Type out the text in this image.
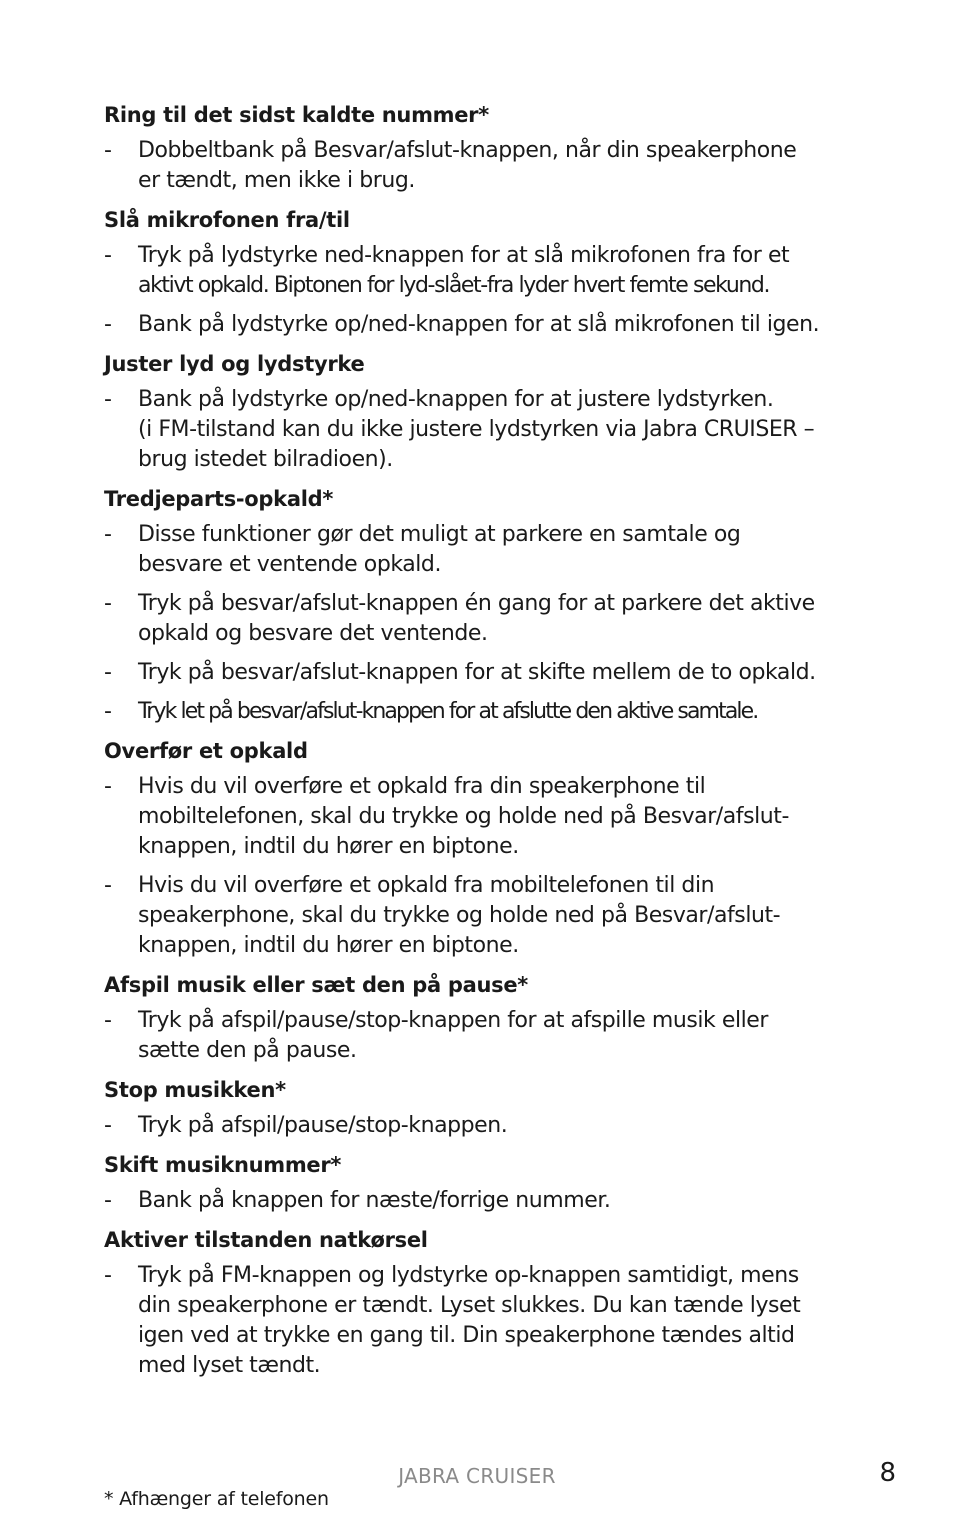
Ring til det sidst kaldte nummer*
- Dobbeltbank på Besvar/afslut-knappen, når din speakerphone
er tændt, men ikke i brug.
Slå mikrofonen fra/til
- Tryk på lydstyrke ned-knappen for at slå mikrofonen fra for et
aktivt opkald. Biptonen for lyd-slået-fra lyder hvert femte sekund.
- Bank på lydstyrke op/ned-knappen for at slå mikrofonen til igen.
Juster lyd og lydstyrke
- Bank på lydstyrke op/ned-knappen for at justere lydstyrken.
(i FM-tilstand kan du ikke justere lydstyrken via Jabra CRUISER –
brug istedet bilradioen).
Tredjeparts-opkald*
- Disse funktioner gør det muligt at parkere en samtale og
besvare et ventende opkald.
- Tryk på besvar/afslut-knappen én gang for at parkere det aktive
opkald og besvare det ventende.
- Tryk på besvar/afslut-knappen for at skifte mellem de to opkald.
- Tryk let på besvar/afslut-knappen for at afslutte den aktive samtale.
Overfør et opkald
- Hvis du vil overføre et opkald fra din speakerphone til
mobiltelefonen, skal du trykke og holde ned på Besvar/afslut-
knappen, indtil du hører en biptone.
- Hvis du vil overføre et opkald fra mobiltelefonen til din
speakerphone, skal du trykke og holde ned på Besvar/afslut-
knappen, indtil du hører en biptone.
Afspil musik eller sæt den på pause*
- Tryk på afspil/pause/stop-knappen for at afspille musik eller
sætte den på pause.
Stop musikken*
- Tryk på afspil/pause/stop-knappen.
Skift musiknummer*
- Bank på knappen for næste/forrige nummer.
Aktiver tilstanden natkørsel
- Tryk på FM-knappen og lydstyrke op-knappen samtidigt, mens
din speakerphone er tændt. Lyset slukkes. Du kan tænde lyset
igen ved at trykke en gang til. Din speakerphone tændes altid
med lyset tændt.
JABRA CRUISER	8
* Afhænger af telefonen
